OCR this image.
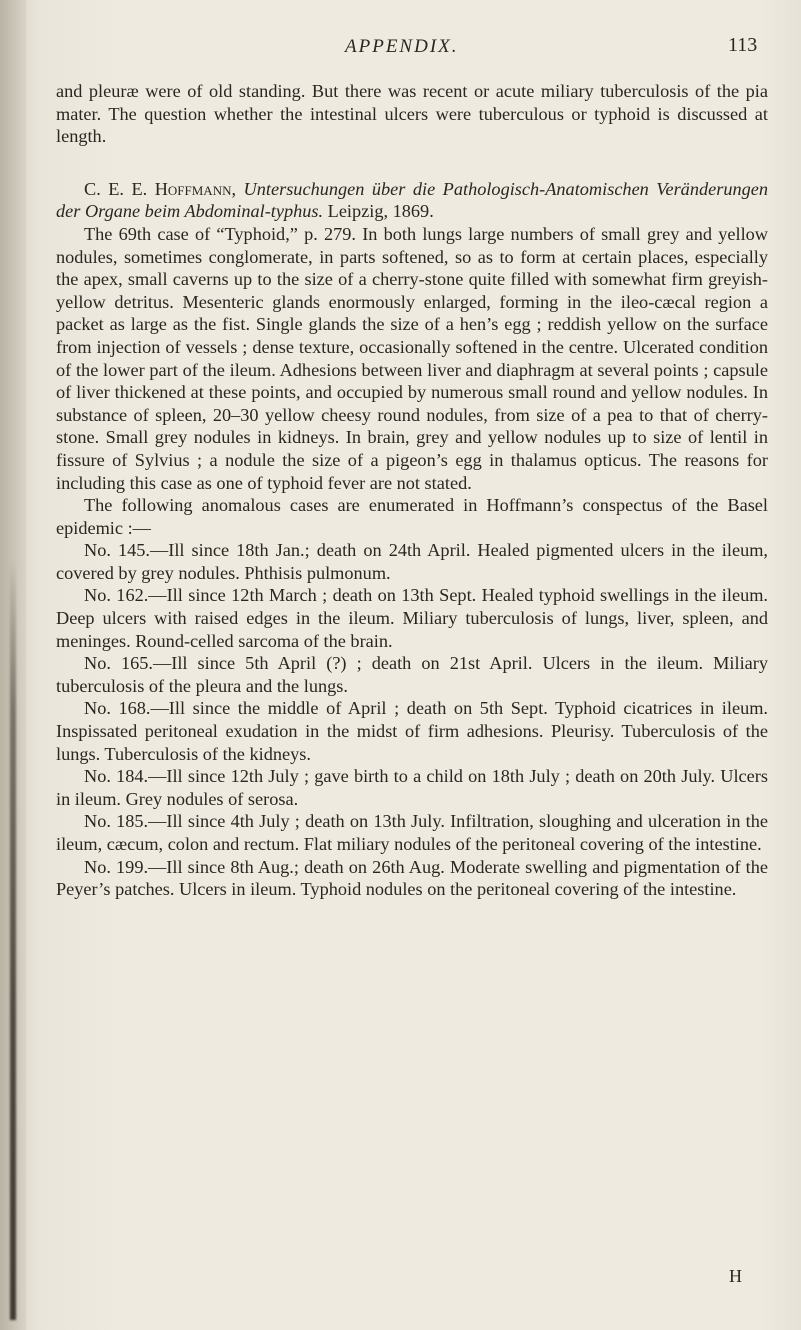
APPENDIX.	113

and pleuræ were of old standing. But there was recent or acute miliary tuberculosis of the pia mater. The question whether the intestinal ulcers were tuberculous or typhoid is discussed at length.

C. E. E. Hoffmann, Untersuchungen über die Pathologisch-Anatomischen Veränderungen der Organe beim Abdominal-typhus. Leipzig, 1869.

The 69th case of “Typhoid,” p. 279. In both lungs large numbers of small grey and yellow nodules, sometimes conglomerate, in parts softened, so as to form at certain places, especially the apex, small caverns up to the size of a cherry-stone quite filled with somewhat firm greyish-yellow detritus. Mesenteric glands enormously enlarged, forming in the ileo-cæcal region a packet as large as the fist. Single glands the size of a hen’s egg ; reddish yellow on the surface from injection of vessels ; dense texture, occasionally softened in the centre. Ulcerated condition of the lower part of the ileum. Adhesions between liver and diaphragm at several points ; capsule of liver thickened at these points, and occupied by numerous small round and yellow nodules. In substance of spleen, 20–30 yellow cheesy round nodules, from size of a pea to that of cherry-stone. Small grey nodules in kidneys. In brain, grey and yellow nodules up to size of lentil in fissure of Sylvius ; a nodule the size of a pigeon’s egg in thalamus opticus. The reasons for including this case as one of typhoid fever are not stated.

The following anomalous cases are enumerated in Hoffmann’s conspectus of the Basel epidemic :—

No. 145.—Ill since 18th Jan.; death on 24th April. Healed pigmented ulcers in the ileum, covered by grey nodules. Phthisis pulmonum.

No. 162.—Ill since 12th March ; death on 13th Sept. Healed typhoid swellings in the ileum. Deep ulcers with raised edges in the ileum. Miliary tuberculosis of lungs, liver, spleen, and meninges. Round-celled sarcoma of the brain.

No. 165.—Ill since 5th April (?) ; death on 21st April. Ulcers in the ileum. Miliary tuberculosis of the pleura and the lungs.

No. 168.—Ill since the middle of April ; death on 5th Sept. Typhoid cicatrices in ileum. Inspissated peritoneal exudation in the midst of firm adhesions. Pleurisy. Tuberculosis of the lungs. Tuberculosis of the kidneys.

No. 184.—Ill since 12th July ; gave birth to a child on 18th July ; death on 20th July. Ulcers in ileum. Grey nodules of serosa.

No. 185.—Ill since 4th July ; death on 13th July. Infiltration, sloughing and ulceration in the ileum, cæcum, colon and rectum. Flat miliary nodules of the peritoneal covering of the intestine.

No. 199.—Ill since 8th Aug.; death on 26th Aug. Moderate swelling and pigmentation of the Peyer’s patches. Ulcers in ileum. Typhoid nodules on the peritoneal covering of the intestine.

H
